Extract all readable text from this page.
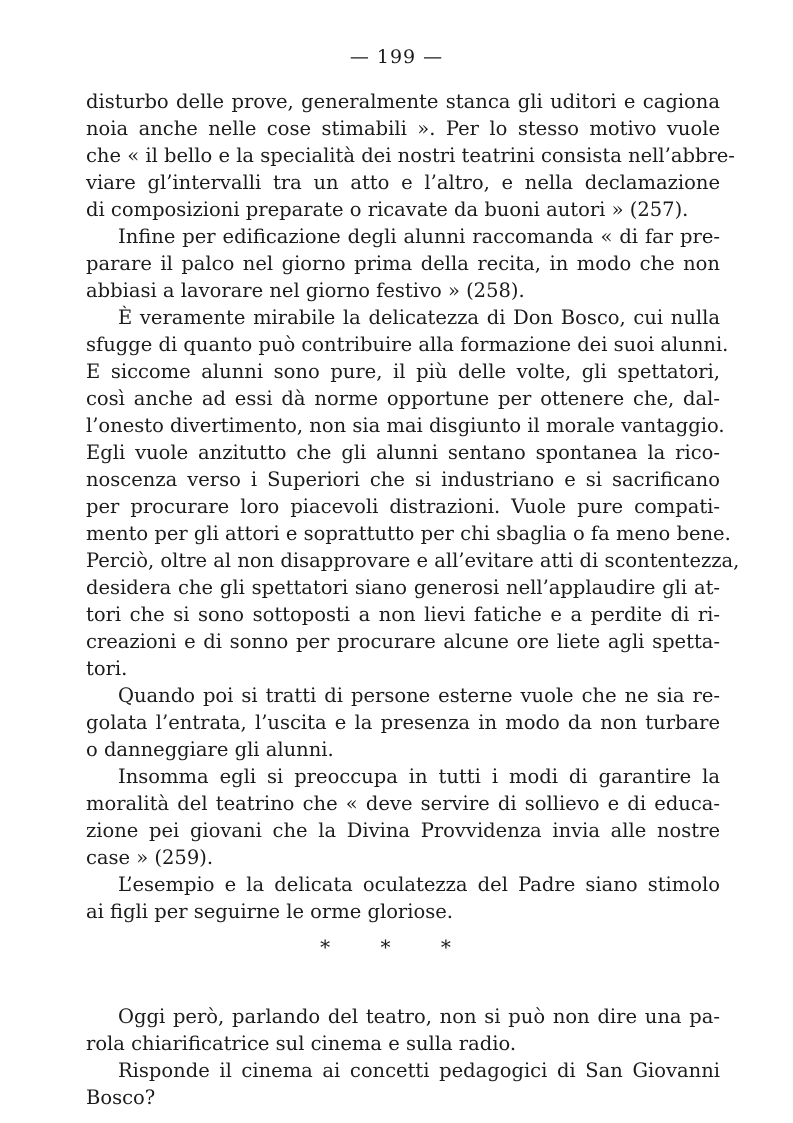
— 199 —
disturbo delle prove, generalmente stanca gli uditori e cagiona
noia anche nelle cose stimabili ». Per lo stesso motivo vuole
che « il bello e la specialità dei nostri teatrini consista nell’abbre-
viare gl’intervalli tra un atto e l’altro, e nella declamazione
di composizioni preparate o ricavate da buoni autori » (257).
Infine per edificazione degli alunni raccomanda « di far pre-
parare il palco nel giorno prima della recita, in modo che non
abbiasi a lavorare nel giorno festivo » (258).
È veramente mirabile la delicatezza di Don Bosco, cui nulla
sfugge di quanto può contribuire alla formazione dei suoi alunni.
E siccome alunni sono pure, il più delle volte, gli spettatori,
così anche ad essi dà norme opportune per ottenere che, dal-
l’onesto divertimento, non sia mai disgiunto il morale vantaggio.
Egli vuole anzitutto che gli alunni sentano spontanea la rico-
noscenza verso i Superiori che si industriano e si sacrificano
per procurare loro piacevoli distrazioni. Vuole pure compati-
mento per gli attori e soprattutto per chi sbaglia o fa meno bene.
Perciò, oltre al non disapprovare e all’evitare atti di scontentezza,
desidera che gli spettatori siano generosi nell’applaudire gli at-
tori che si sono sottoposti a non lievi fatiche e a perdite di ri-
creazioni e di sonno per procurare alcune ore liete agli spetta-
tori.
Quando poi si tratti di persone esterne vuole che ne sia re-
golata l’entrata, l’uscita e la presenza in modo da non turbare
o danneggiare gli alunni.
Insomma egli si preoccupa in tutti i modi di garantire la
moralità del teatrino che « deve servire di sollievo e di educa-
zione pei giovani che la Divina Provvidenza invia alle nostre
case » (259).
L’esempio e la delicata oculatezza del Padre siano stimolo
ai figli per seguirne le orme gloriose.
Oggi però, parlando del teatro, non si può non dire una pa-
rola chiarificatrice sul cinema e sulla radio.
Risponde il cinema ai concetti pedagogici di San Giovanni
Bosco?
* * *
